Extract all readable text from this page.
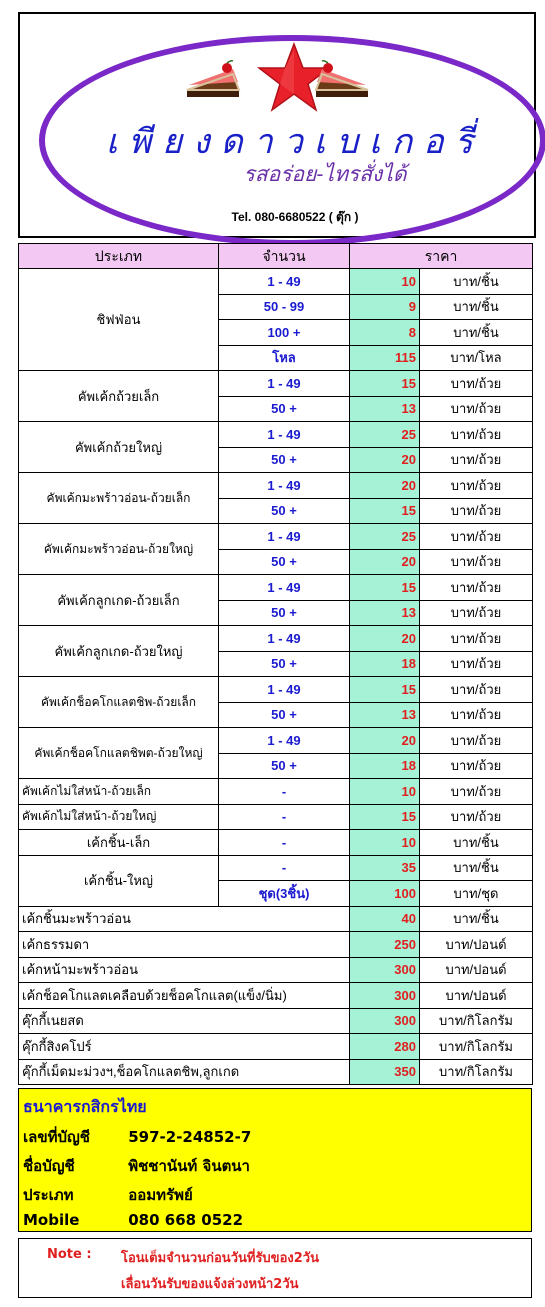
เพียงดาวเบเกอรี่
รสอร่อย-ไทรสั่งได้
Tel. 080-6680522 ( ตุ๊ก )
ประเภท	จำนวน	ราคา	
ชิฟฟ่อน	1 - 49	10	บาท/ชิ้น
	50 - 99	9	บาท/ชิ้น
	100 +	8	บาท/ชิ้น
	โหล	115	บาท/โหล
คัพเค้กถ้วยเล็ก	1 - 49	15	บาท/ถ้วย
	50 +	13	บาท/ถ้วย
คัพเค้กถ้วยใหญ่	1 - 49	25	บาท/ถ้วย
	50 +	20	บาท/ถ้วย
คัพเค้กมะพร้าวอ่อน-ถ้วยเล็ก	1 - 49	20	บาท/ถ้วย
	50 +	15	บาท/ถ้วย
คัพเค้กมะพร้าวอ่อน-ถ้วยใหญ่	1 - 49	25	บาท/ถ้วย
	50 +	20	บาท/ถ้วย
คัพเค้กลูกเกด-ถ้วยเล็ก	1 - 49	15	บาท/ถ้วย
	50 +	13	บาท/ถ้วย
คัพเค้กลูกเกด-ถ้วยใหญ่	1 - 49	20	บาท/ถ้วย
	50 +	18	บาท/ถ้วย
คัพเค้กช็อคโกแลตชิพ-ถ้วยเล็ก	1 - 49	15	บาท/ถ้วย
	50 +	13	บาท/ถ้วย
คัพเค้กช็อคโกแลตชิพต-ถ้วยใหญ่	1 - 49	20	บาท/ถ้วย
	50 +	18	บาท/ถ้วย
คัพเค้กไม่ใส่หน้า-ถ้วยเล็ก	-	10	บาท/ถ้วย
คัพเค้กไม่ใส่หน้า-ถ้วยใหญ่	-	15	บาท/ถ้วย
เค้กชิ้น-เล็ก	-	10	บาท/ชิ้น
เค้กชิ้น-ใหญ่	-	35	บาท/ชิ้น
	ชุด(3ชิ้น)	100	บาท/ชุด
เค้กชิ้นมะพร้าวอ่อน		40	บาท/ชิ้น
เค้กธรรมดา		250	บาท/ปอนด์
เค้กหน้ามะพร้าวอ่อน		300	บาท/ปอนด์
เค้กช็อคโกแลตเคลือบด้วยช็อคโกแลต(แข็ง/นิ่ม)		300	บาท/ปอนด์
คุ๊กกี้เนยสด		300	บาท/กิโลกรัม
คุ๊กกี้สิงคโปร์		280	บาท/กิโลกรัม
คุ๊กกี้เม็ดมะม่วงฯ,ช็อคโกแลตชิพ,ลูกเกด		350	บาท/กิโลกรัม
ธนาคารกสิกรไทย
เลขที่บัญชี	597-2-24852-7
ชื่อบัญชี	พิชชานันท์ จินตนา
ประเภท	ออมทรัพย์
Mobile	080 668 0522
Note : โอนเต็มจำนวนก่อนวันที่รับของ2วัน
เลื่อนวันรับของแจ้งล่วงหน้า2วัน
